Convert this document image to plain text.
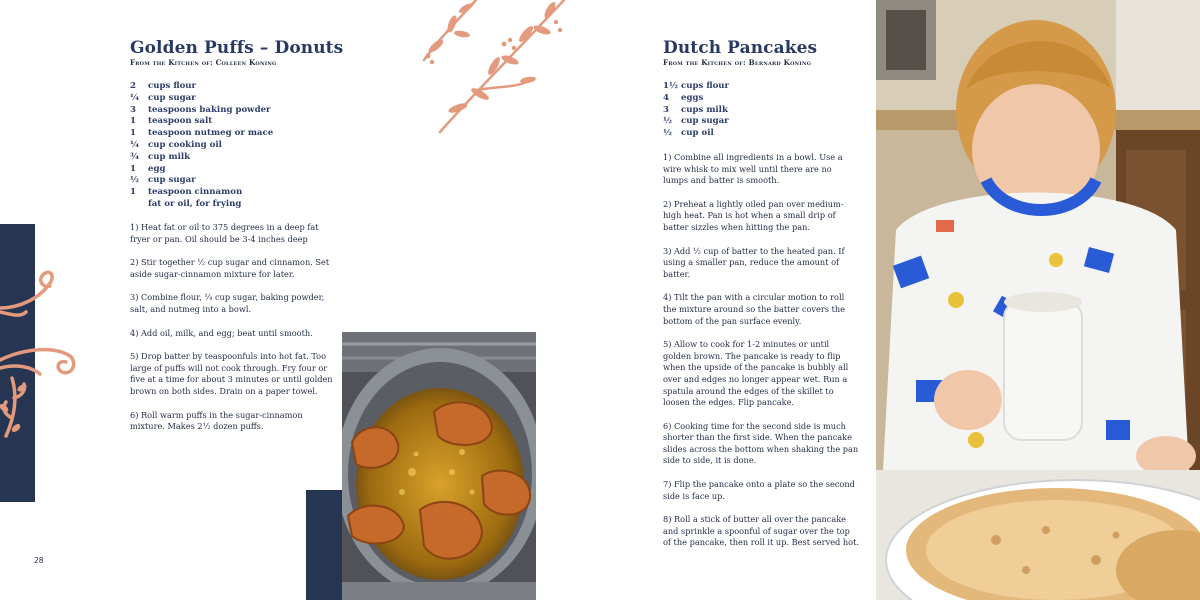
Golden Puffs – Donuts
From the Kitchen of: Colleen Koning
2 cups flour
¼ cup sugar
3 teaspoons baking powder
1 teaspoon salt
1 teaspoon nutmeg or mace
¼ cup cooking oil
¾ cup milk
1 egg
½ cup sugar
1 teaspoon cinnamon
fat or oil, for frying

1) Heat fat or oil to 375 degrees in a deep fat fryer or pan. Oil should be 3-4 inches deep

2) Stir together ½ cup sugar and cinnamon. Set aside sugar-cinnamon mixture for later.

3) Combine flour, ¼ cup sugar, baking powder, salt, and nutmeg into a bowl.

4) Add oil, milk, and egg; beat until smooth.

5) Drop batter by teaspoonfuls into hot fat. Too large of puffs will not cook through. Fry four or five at a time for about 3 minutes or until golden brown on both sides. Drain on a paper towel.

6) Roll warm puffs in the sugar-cinnamon mixture. Makes 2½ dozen puffs.

28
Dutch Pancakes
From the Kitchen of: Bernard Koning
1½ cups flour
4 eggs
3 cups milk
½ cup sugar
½ cup oil

1) Combine all ingredients in a bowl. Use a wire whisk to mix well until there are no lumps and batter is smooth.

2) Preheat a lightly oiled pan over medium-high heat. Pan is hot when a small drip of batter sizzles when hitting the pan.

3) Add ½ cup of batter to the heated pan. If using a smaller pan, reduce the amount of batter.

4) Tilt the pan with a circular motion to roll the mixture around so the batter covers the bottom of the pan surface evenly.

5) Allow to cook for 1-2 minutes or until golden brown. The pancake is ready to flip when the upside of the pancake is bubbly all over and edges no longer appear wet. Run a spatula around the edges of the skillet to loosen the edges. Flip pancake.

6) Cooking time for the second side is much shorter than the first side. When the pancake slides across the bottom when shaking the pan side to side, it is done.

7) Flip the pancake onto a plate so the second side is face up.

8) Roll a stick of butter all over the pancake and sprinkle a spoonful of sugar over the top of the pancake, then roll it up. Best served hot.
